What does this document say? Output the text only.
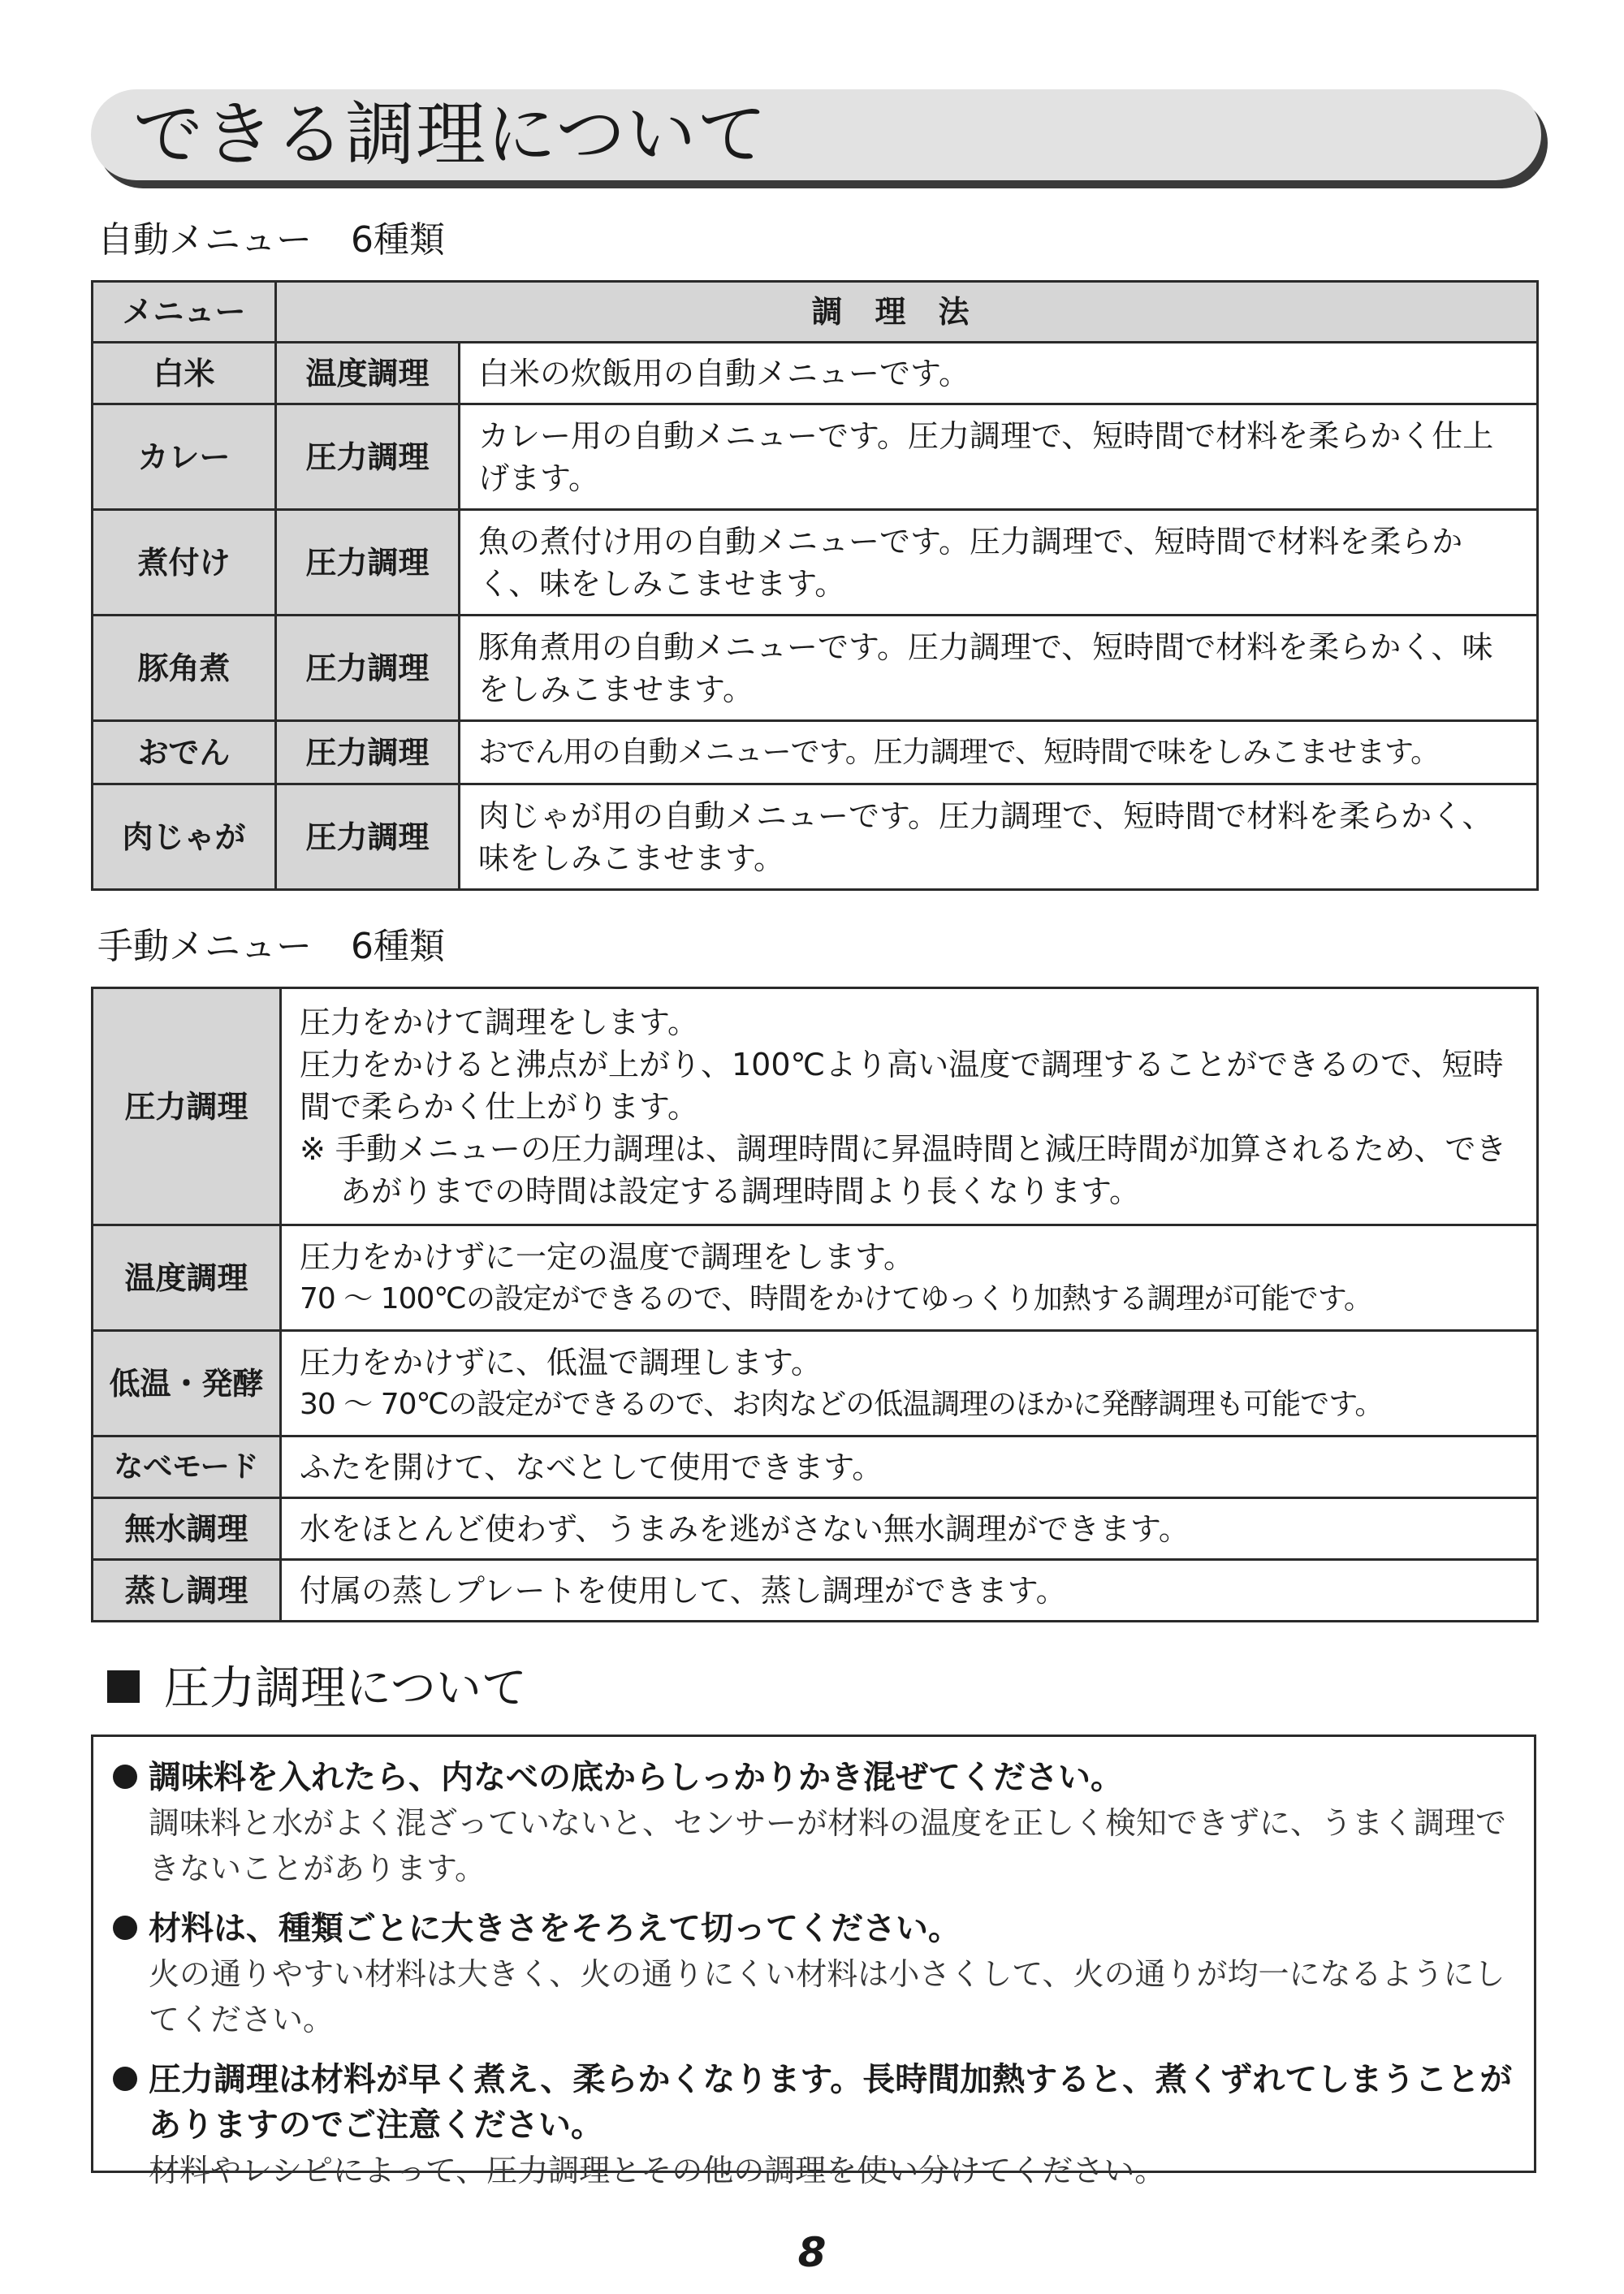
できる調理について
自動メニュー 6種類
メニュー	調理法	
白米	温度調理	白米の炊飯用の自動メニューです。
カレー	圧力調理	カレー用の自動メニューです。圧力調理で、短時間で材料を柔らかく仕上げます。
煮付け	圧力調理	魚の煮付け用の自動メニューです。圧力調理で、短時間で材料を柔らかく、味をしみこませます。
豚角煮	圧力調理	豚角煮用の自動メニューです。圧力調理で、短時間で材料を柔らかく、味をしみこませます。
おでん	圧力調理	おでん用の自動メニューです。圧力調理で、短時間で味をしみこませます。
肉じゃが	圧力調理	肉じゃが用の自動メニューです。圧力調理で、短時間で材料を柔らかく、味をしみこませます。
手動メニュー 6種類
圧力調理	圧力をかけて調理をします。
圧力をかけると沸点が上がり、100℃より高い温度で調理することができるので、短時間で柔らかく仕上がります。
※ 手動メニューの圧力調理は、調理時間に昇温時間と減圧時間が加算されるため、できあがりまでの時間は設定する調理時間より長くなります。

温度調理	圧力をかけずに一定の温度で調理をします。
70 ～ 100℃の設定ができるので、時間をかけてゆっくり加熱する調理が可能です。

低温・発酵	圧力をかけずに、低温で調理します。
30 ～ 70℃の設定ができるので、お肉などの低温調理のほかに発酵調理も可能です。

なべモード	ふたを開けて、なべとして使用できます。
無水調理	水をほとんど使わず、うまみを逃がさない無水調理ができます。
蒸し調理	付属の蒸しプレートを使用して、蒸し調理ができます。
圧力調理について
調味料を入れたら、内なべの底からしっかりかき混ぜてください。
調味料と水がよく混ざっていないと、センサーが材料の温度を正しく検知できずに、うまく調理できないことがあります。
材料は、種類ごとに大きさをそろえて切ってください。
火の通りやすい材料は大きく、火の通りにくい材料は小さくして、火の通りが均一になるようにしてください。
圧力調理は材料が早く煮え、柔らかくなります。長時間加熱すると、煮くずれてしまうことがありますのでご注意ください。
材料やレシピによって、圧力調理とその他の調理を使い分けてください。
8
